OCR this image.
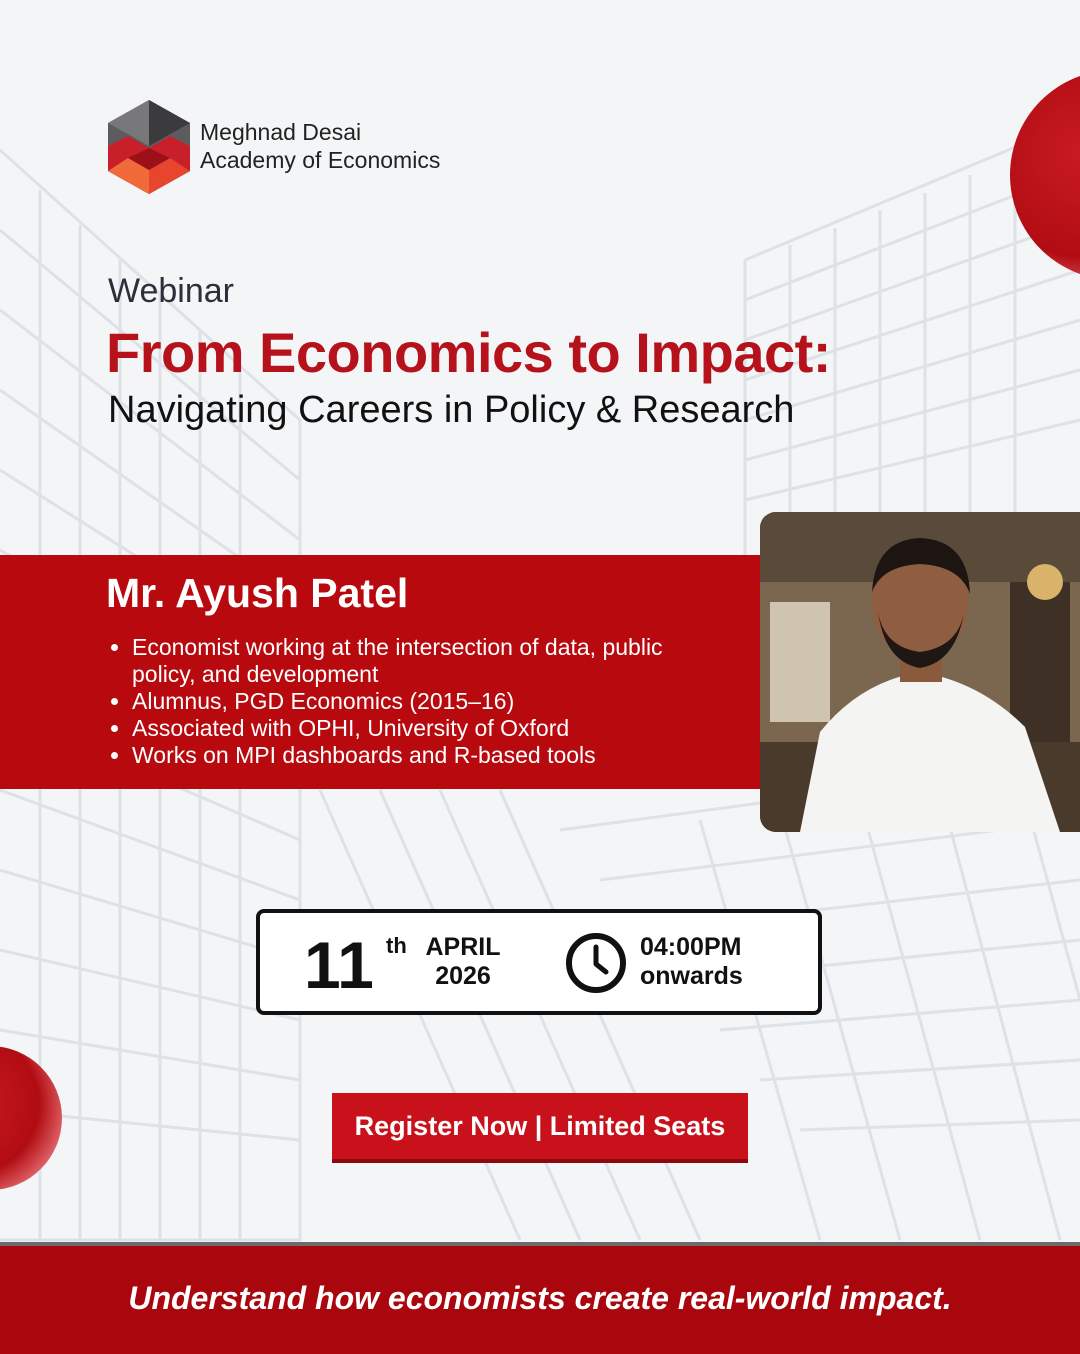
Meghnad Desai
Academy of Economics
Webinar
From Economics to Impact:
Navigating Careers in Policy & Research
Mr. Ayush Patel
• Economist working at the intersection of data, public policy, and development
• Alumnus, PGD Economics (2015–16)
• Associated with OPHI, University of Oxford
• Works on MPI dashboards and R-based tools
11 th APRIL
2026
04:00PM
onwards
Register Now | Limited Seats
Understand how economists create real-world impact.
